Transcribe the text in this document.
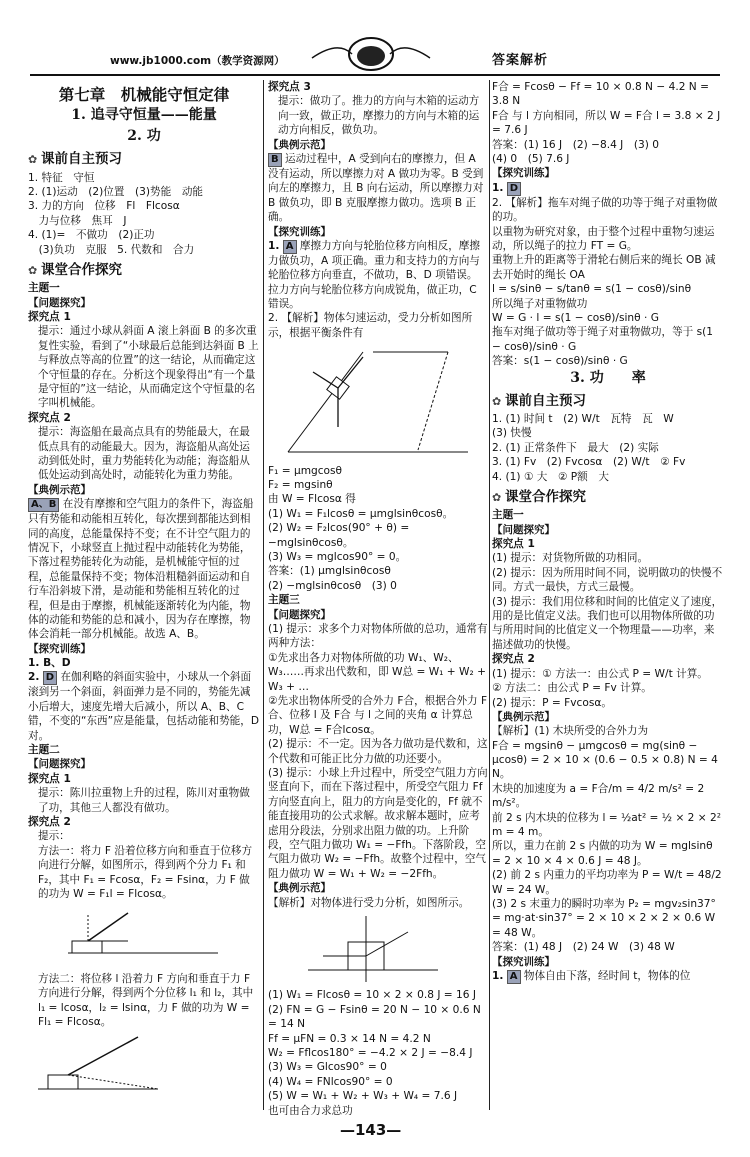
www.jb1000.com（教学资源网）	答案解析
第七章　机械能守恒定律
1. 追寻守恒量——能量
2. 功
✿ 课前自主预习

1. 特征　守恒

2. (1)运动　(2)位置　(3)势能　动能

3. 力的方向　位移　Fl　Flcosα

　力与位移　焦耳　J

4. (1)=　不做功　(2)正功

　(3)负功　克服　5. 代数和　合力

✿ 课堂合作探究

主题一

【问题探究】

探究点 1

提示：通过小球从斜面 A 滚上斜面 B 的多次重复性实验，看到了“小球最后总能到达斜面 B 上与释放点等高的位置”的这一结论，从而确定这个守恒量的存在。分析这个现象得出“有一个量是守恒的”这一结论，从而确定这个守恒量的名字叫机械能。

探究点 2

提示：海盗船在最高点具有的势能最大，在最低点具有的动能最大。因为，海盗船从高处运动到低处时，重力势能转化为动能；海盗船从低处运动到高处时，动能转化为重力势能。

【典例示范】

A、B 在没有摩擦和空气阻力的条件下，海盗船只有势能和动能相互转化，每次摆到都能达到相同的高度，总能量保持不变；在不计空气阻力的情况下，小球竖直上抛过程中动能转化为势能，下落过程势能转化为动能，是机械能守恒的过程，总能量保持不变；物体沿粗糙斜面运动和自行车沿斜坡下滑，是动能和势能相互转化的过程，但是由于摩擦，机械能逐渐转化为内能，物体的动能和势能的总和减小，因为存在摩擦，物体会消耗一部分机械能。故选 A、B。

【探究训练】

1. B、D

2. D 在伽利略的斜面实验中，小球从一个斜面滚到另一个斜面，斜面弹力是不同的，势能先减小后增大，速度先增大后减小，所以 A、B、C 错，不变的“东西”应是能量，包括动能和势能，D 对。

主题二

【问题探究】

探究点 1

提示：陈川拉重物上升的过程，陈川对重物做了功，其他三人都没有做功。

探究点 2

提示：

方法一：将力 F 沿着位移方向和垂直于位移方向进行分解，如图所示，得到两个分力 F₁ 和 F₂，其中 F₁ = Fcosα，F₂ = Fsinα，力 F 做的功为 W = F₁l = Flcosα。

方法二：将位移 l 沿着力 F 方向和垂直于力 F 方向进行分解，得到两个分位移 l₁ 和 l₂，其中 l₁ = lcosα，l₂ = lsinα，力 F 做的功为 W = Fl₁ = Flcosα。

探究点 3

提示：做功了。推力的方向与木箱的运动方向一致，做正功，摩擦力的方向与木箱的运动方向相反，做负功。

【典例示范】

B 运动过程中，A 受到向右的摩擦力，但 A 没有运动，所以摩擦力对 A 做功为零。B 受到向左的摩擦力，且 B 向右运动，所以摩擦力对 B 做负功，即 B 克服摩擦力做功。选项 B 正确。

【探究训练】

1. A 摩擦力方向与轮胎位移方向相反，摩擦力做负功，A 项正确。重力和支持力的方向与轮胎位移方向垂直，不做功，B、D 项错误。拉力方向与轮胎位移方向成锐角，做正功，C 错误。

2. 【解析】物体匀速运动，受力分析如图所示，根据平衡条件有

F₁ = μmgcosθ

F₂ = mgsinθ

由 W = Flcosα 得

(1) W₁ = F₁lcosθ = μmglsinθcosθ。

(2) W₂ = F₂lcos(90° + θ) = −mglsinθcosθ。

(3) W₃ = mglcos90° = 0。

答案：(1) μmglsinθcosθ

(2) −mglsinθcosθ　(3) 0

主题三

【问题探究】

(1) 提示：求多个力对物体所做的总功，通常有两种方法：

①先求出各力对物体所做的功 W₁、W₂、W₃……再求出代数和，即 W总 = W₁ + W₂ + W₃ + …

②先求出物体所受的合外力 F合，根据合外力 F合、位移 l 及 F合 与 l 之间的夹角 α 计算总功，W总 = F合lcosα。

(2) 提示：不一定。因为各力做功是代数和，这个代数和可能正比分力做的功还要小。

(3) 提示：小球上升过程中，所受空气阻力方向竖直向下，而在下落过程中，所受空气阻力 Ff 方向竖直向上，阻力的方向是变化的，Ff 就不能直接用功的公式求解。故求解本题时，应考虑用分段法，分别求出阻力做的功。上升阶段，空气阻力做功 W₁ = −Ffh。下落阶段，空气阻力做功 W₂ = −Ffh。故整个过程中，空气阻力做功 W = W₁ + W₂ = −2Ffh。

【典例示范】

【解析】对物体进行受力分析，如图所示。

(1) W₁ = Flcosθ = 10 × 2 × 0.8 J = 16 J

(2) FN = G − Fsinθ = 20 N − 10 × 0.6 N = 14 N

Ff = μFN = 0.3 × 14 N = 4.2 N

W₂ = Fflcos180° = −4.2 × 2 J = −8.4 J

(3) W₃ = Glcos90° = 0

(4) W₄ = FNlcos90° = 0

(5) W = W₁ + W₂ + W₃ + W₄ = 7.6 J

也可由合力求总功

F合 = Fcosθ − Ff = 10 × 0.8 N − 4.2 N = 3.8 N

F合 与 l 方向相同，所以 W = F合 l = 3.8 × 2 J = 7.6 J

答案：(1) 16 J　(2) −8.4 J　(3) 0

(4) 0　(5) 7.6 J

【探究训练】

1. D

2. 【解析】拖车对绳子做的功等于绳子对重物做的功。

以重物为研究对象，由于整个过程中重物匀速运动，所以绳子的拉力 FT = G。

重物上升的距离等于滑轮右侧后来的绳长 OB 减去开始时的绳长 OA

l = s/sinθ − s/tanθ = s(1 − cosθ)/sinθ

所以绳子对重物做功

W = G · l = s(1 − cosθ)/sinθ · G

拖车对绳子做功等于绳子对重物做功，等于 s(1 − cosθ)/sinθ · G

答案：s(1 − cosθ)/sinθ · G

3. 功　　率
✿ 课前自主预习

1. (1) 时间 t　(2) W/t　瓦特　瓦　W

(3) 快慢

2. (1) 正常条件下　最大　(2) 实际

3. (1) Fv　(2) Fvcosα　(2) W/t　② Fv

4. (1) ① 大　② P额　大

✿ 课堂合作探究

主题一

【问题探究】

探究点 1

(1) 提示：对货物所做的功相同。

(2) 提示：因为所用时间不同，说明做功的快慢不同。方式一最快，方式三最慢。

(3) 提示：我们用位移和时间的比值定义了速度，用的是比值定义法。我们也可以用物体所做的功与所用时间的比值定义一个物理量——功率，来描述做功的快慢。

探究点 2

(1) 提示：① 方法一：由公式 P = W/t 计算。

② 方法二：由公式 P = Fv 计算。

(2) 提示：P = Fvcosα。

【典例示范】

【解析】(1) 木块所受的合外力为

F合 = mgsinθ − μmgcosθ = mg(sinθ − μcosθ) = 2 × 10 × (0.6 − 0.5 × 0.8) N = 4 N。

木块的加速度为 a = F合/m = 4/2 m/s² = 2 m/s²。

前 2 s 内木块的位移为 l = ½at² = ½ × 2 × 2² m = 4 m。

所以，重力在前 2 s 内做的功为 W = mglsinθ = 2 × 10 × 4 × 0.6 J = 48 J。

(2) 前 2 s 内重力的平均功率为 P = W/t = 48/2 W = 24 W。

(3) 2 s 末重力的瞬时功率为 P₂ = mgv₂sin37° = mg·at·sin37° = 2 × 10 × 2 × 2 × 0.6 W = 48 W。

答案：(1) 48 J　(2) 24 W　(3) 48 W

【探究训练】

1. A 物体自由下落，经时间 t，物体的位

—143—
